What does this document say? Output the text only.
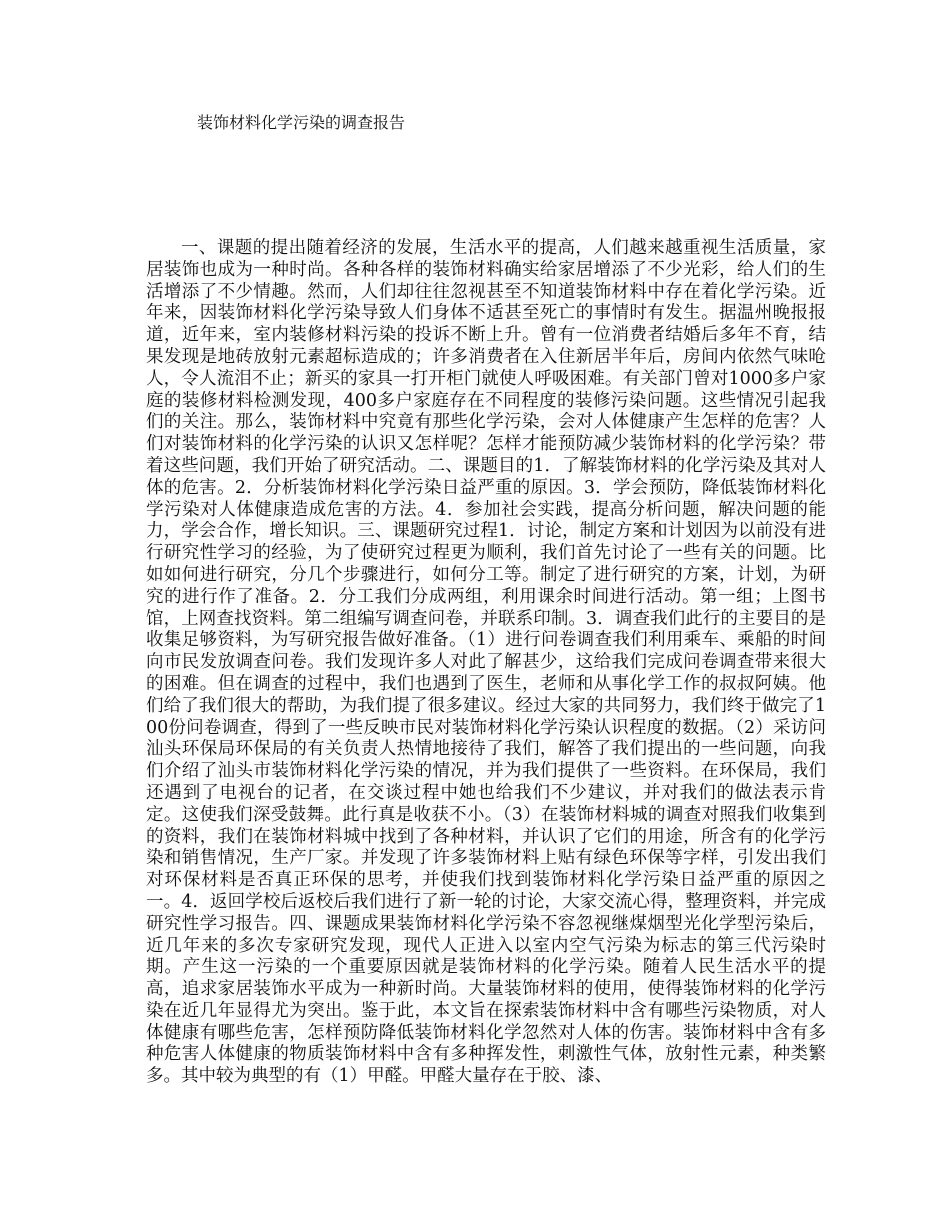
装饰材料化学污染的调查报告

一、课题的提出随着经济的发展，生活水平的提高，人们越来越重视生活质量，家居装饰也成为一种时尚。各种各样的装饰材料确实给家居增添了不少光彩，给人们的生活增添了不少情趣。然而，人们却往往忽视甚至不知道装饰材料中存在着化学污染。近年来，因装饰材料化学污染导致人们身体不适甚至死亡的事情时有发生。据温州晚报报道，近年来，室内装修材料污染的投诉不断上升。曾有一位消费者结婚后多年不育，结果发现是地砖放射元素超标造成的；许多消费者在入住新居半年后，房间内依然气味呛人，令人流泪不止；新买的家具一打开柜门就使人呼吸困难。有关部门曾对1000多户家庭的装修材料检测发现，400多户家庭存在不同程度的装修污染问题。这些情况引起我们的关注。那么，装饰材料中究竟有那些化学污染，会对人体健康产生怎样的危害？人们对装饰材料的化学污染的认识又怎样呢？怎样才能预防减少装饰材料的化学污染？带着这些问题，我们开始了研究活动。二、课题目的1．了解装饰材料的化学污染及其对人体的危害。2．分析装饰材料化学污染日益严重的原因。3．学会预防，降低装饰材料化学污染对人体健康造成危害的方法。4．参加社会实践，提高分析问题，解决问题的能力，学会合作，增长知识。三、课题研究过程1．讨论，制定方案和计划因为以前没有进行研究性学习的经验，为了使研究过程更为顺利，我们首先讨论了一些有关的问题。比如如何进行研究，分几个步骤进行，如何分工等。制定了进行研究的方案，计划，为研究的进行作了准备。2．分工我们分成两组，利用课余时间进行活动。第一组；上图书馆，上网查找资料。第二组编写调查问卷，并联系印制。3．调查我们此行的主要目的是收集足够资料，为写研究报告做好准备。（1）进行问卷调查我们利用乘车、乘船的时间向市民发放调查问卷。我们发现许多人对此了解甚少，这给我们完成问卷调查带来很大的困难。但在调查的过程中，我们也遇到了医生，老师和从事化学工作的叔叔阿姨。他们给了我们很大的帮助，为我们提了很多建议。经过大家的共同努力，我们终于做完了100份问卷调查，得到了一些反映市民对装饰材料化学污染认识程度的数据。（2）采访问汕头环保局环保局的有关负责人热情地接待了我们，解答了我们提出的一些问题，向我们介绍了汕头市装饰材料化学污染的情况，并为我们提供了一些资料。在环保局，我们还遇到了电视台的记者，在交谈过程中她也给我们不少建议，并对我们的做法表示肯定。这使我们深受鼓舞。此行真是收获不小。（3）在装饰材料城的调查对照我们收集到的资料，我们在装饰材料城中找到了各种材料，并认识了它们的用途，所含有的化学污染和销售情况，生产厂家。并发现了许多装饰材料上贴有绿色环保等字样，引发出我们对环保材料是否真正环保的思考，并使我们找到装饰材料化学污染日益严重的原因之一。4．返回学校后返校后我们进行了新一轮的讨论，大家交流心得，整理资料，并完成研究性学习报告。四、课题成果装饰材料化学污染不容忽视继煤烟型光化学型污染后，近几年来的多次专家研究发现，现代人正进入以室内空气污染为标志的第三代污染时期。产生这一污染的一个重要原因就是装饰材料的化学污染。随着人民生活水平的提高，追求家居装饰水平成为一种新时尚。大量装饰材料的使用，使得装饰材料的化学污染在近几年显得尤为突出。鉴于此，本文旨在探索装饰材料中含有哪些污染物质，对人体健康有哪些危害，怎样预防降低装饰材料化学忽然对人体的伤害。装饰材料中含有多种危害人体健康的物质装饰材料中含有多种挥发性，刺激性气体，放射性元素，种类繁多。其中较为典型的有（1）甲醛。甲醛大量存在于胶、漆、
